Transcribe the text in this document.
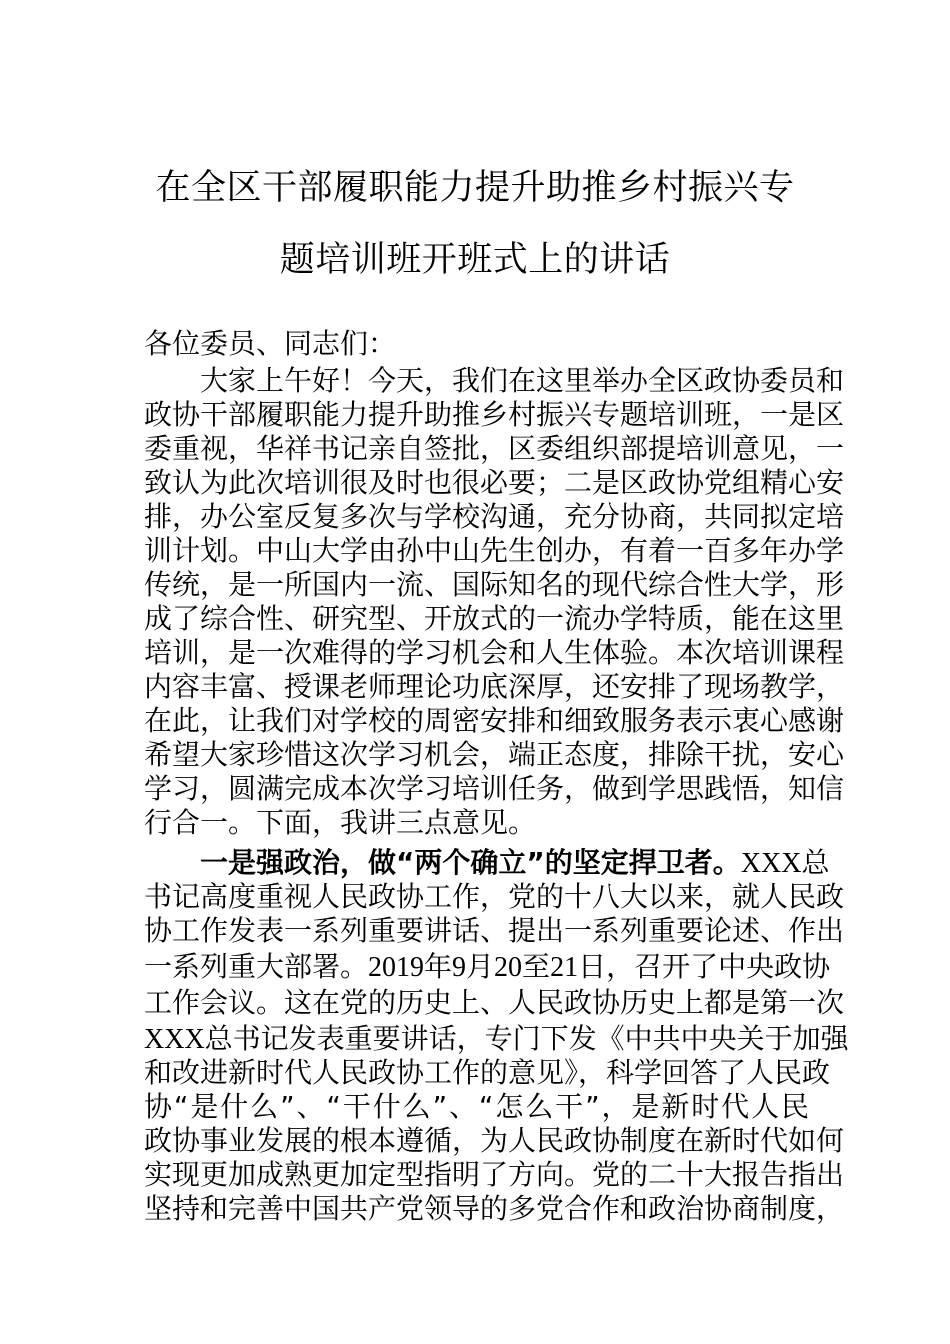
在全区干部履职能力提升助推乡村振兴专
题培训班开班式上的讲话
各位委员、同志们：
大家上午好！今天，我们在这里举办全区政协委员和
政协干部履职能力提升助推乡村振兴专题培训班，一是区
委重视，华祥书记亲自签批，区委组织部提培训意见，一
致认为此次培训很及时也很必要；二是区政协党组精心安
排，办公室反复多次与学校沟通，充分协商，共同拟定培
训计划。中山大学由孙中山先生创办，有着一百多年办学
传统，是一所国内一流、国际知名的现代综合性大学，形
成了综合性、研究型、开放式的一流办学特质，能在这里
培训，是一次难得的学习机会和人生体验。本次培训课程
内容丰富、授课老师理论功底深厚，还安排了现场教学，
在此，让我们对学校的周密安排和细致服务表示衷心感谢
希望大家珍惜这次学习机会，端正态度，排除干扰，安心
学习，圆满完成本次学习培训任务，做到学思践悟，知信
行合一。下面，我讲三点意见。
一是强政治，做“两个确立”的坚定捍卫者。XXX总
书记高度重视人民政协工作，党的十八大以来，就人民政
协工作发表一系列重要讲话、提出一系列重要论述、作出
一系列重大部署。2019年9月20至21日，召开了中央政协
工作会议。这在党的历史上、人民政协历史上都是第一次
XXX总书记发表重要讲话，专门下发《中共中央关于加强
和改进新时代人民政协工作的意见》，科学回答了人民政
协“是什么”、“干什么”、“怎么干”，是新时代人民
政协事业发展的根本遵循，为人民政协制度在新时代如何
实现更加成熟更加定型指明了方向。党的二十大报告指出
坚持和完善中国共产党领导的多党合作和政治协商制度，
